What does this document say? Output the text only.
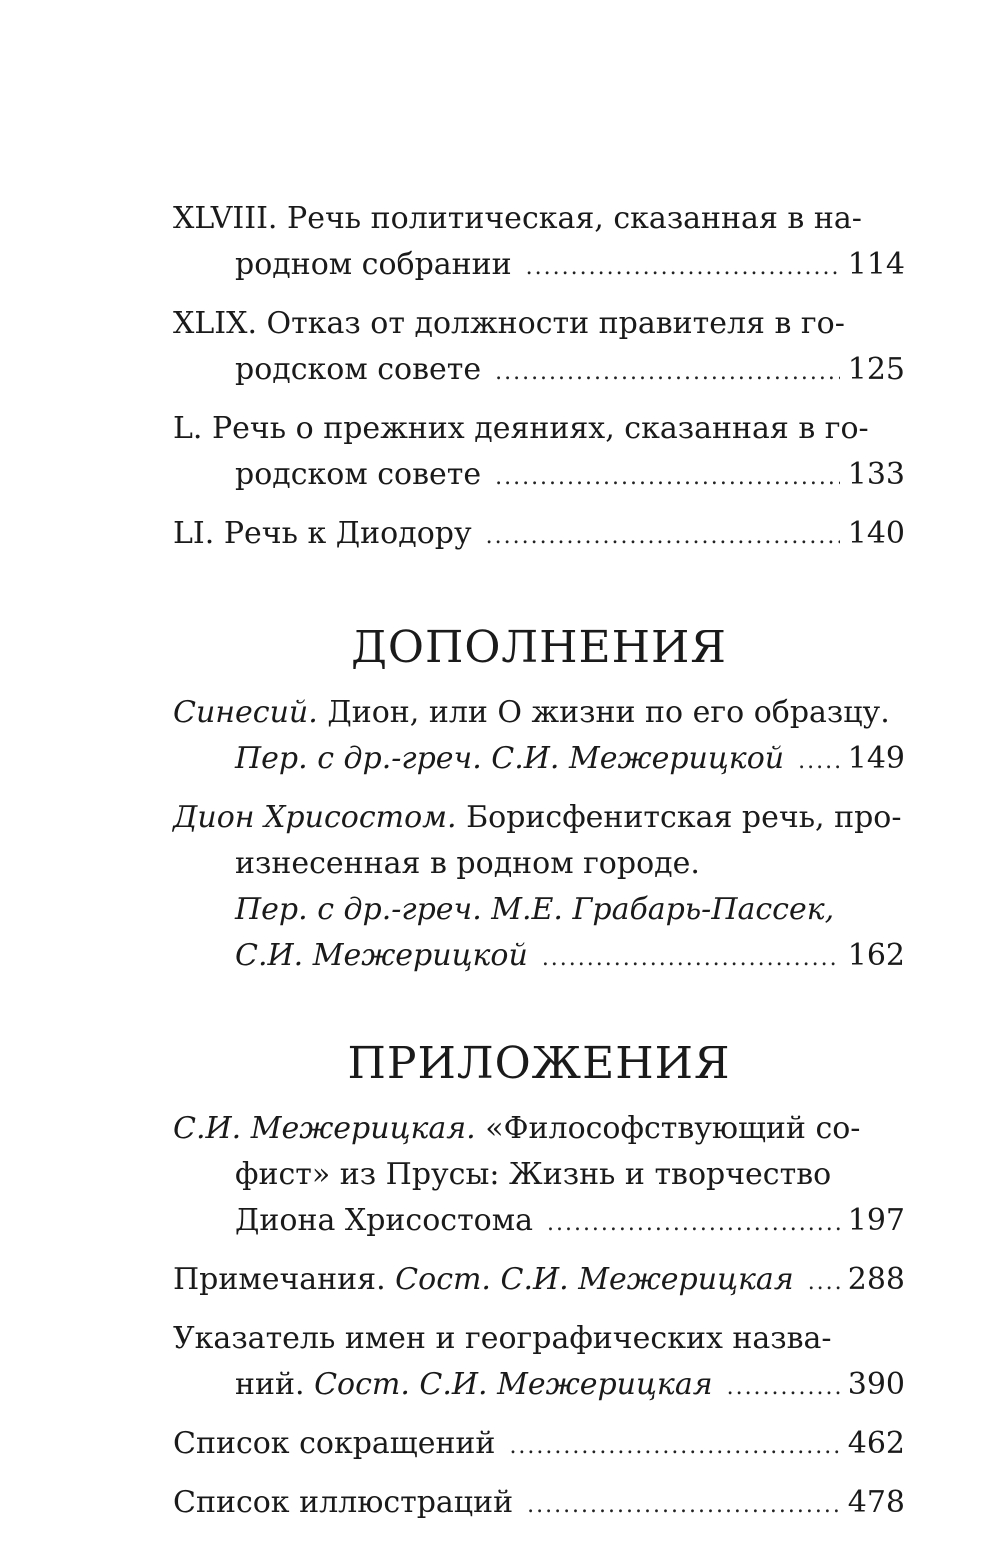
XLVIII. Речь политическая, сказанная в на-
родном собрании .....	114
XLIX. Отказ от должности правителя в го-
родском совете .....	125
L. Речь о прежних деяниях, сказанная в го-
родском совете .....	133
LI. Речь к Диодору .....	140
ДОПОЛНЕНИЯ
Синесий. Дион, или О жизни по его образцу.
Пер. с др.-греч. С.И. Межерицкой ..... 149
Дион Хрисостом. Борисфенитская речь, про-
изнесенная в родном городе.
Пер. с др.-греч. М.Е. Грабарь-Пассек,
С.И. Межерицкой .....	162
ПРИЛОЖЕНИЯ
С.И. Межерицкая. «Философствующий со-
фист» из Прусы: Жизнь и творчество
Диона Хрисостома .....	197
Примечания. Сост. С.И. Межерицкая ..... 288
Указатель имен и географических назва-
ний. Сост. С.И. Межерицкая .....	390
Список сокращений .....	462
Список иллюстраций .....	478
